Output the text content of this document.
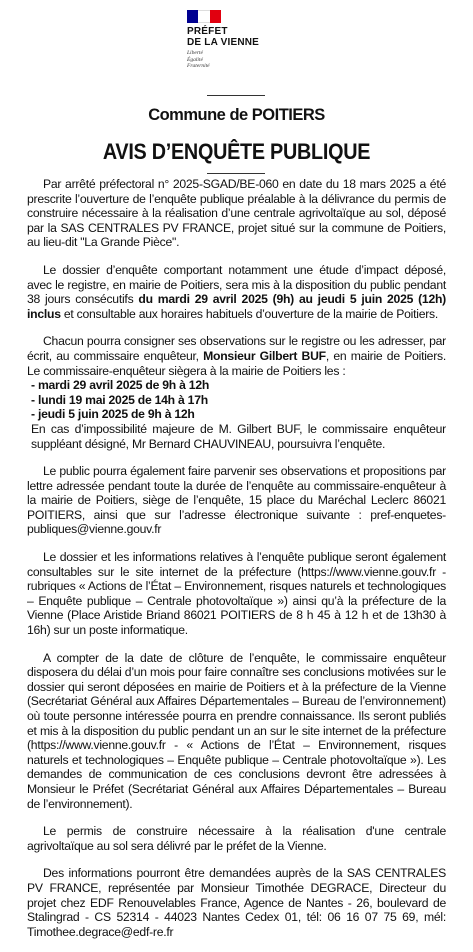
PRÉFET
DE LA VIENNE
Liberté
Égalité
Fraternité
Commune de POITIERS
AVIS D’ENQUÊTE PUBLIQUE

Par arrêté préfectoral n° 2025-SGAD/BE-060 en date du 18 mars 2025 a été prescrite l’ouverture de l’enquête publique préalable à la délivrance du permis de construire nécessaire à la réalisation d’une centrale agrivoltaïque au sol, déposé par la SAS CENTRALES PV FRANCE, projet situé sur la commune de Poitiers, au lieu-dit "La Grande Pièce".

Le dossier d’enquête comportant notamment une étude d’impact déposé, avec le registre, en mairie de Poitiers, sera mis à la disposition du public pendant 38 jours consécutifs du mardi 29 avril 2025 (9h) au jeudi 5 juin 2025 (12h) inclus et consultable aux horaires habituels d’ouverture de la mairie de Poitiers.

Chacun pourra consigner ses observations sur le registre ou les adresser, par écrit, au commissaire enquêteur, Monsieur Gilbert BUF, en mairie de Poitiers. Le commissaire-enquêteur siègera à la mairie de Poitiers les :

- mardi 29 avril 2025 de 9h à 12h
- lundi 19 mai 2025 de 14h à 17h
- jeudi 5 juin 2025 de 9h à 12h

En cas d’impossibilité majeure de M. Gilbert BUF, le commissaire enquêteur suppléant désigné, Mr Bernard CHAUVINEAU, poursuivra l’enquête.

Le public pourra également faire parvenir ses observations et propositions par lettre adressée pendant toute la durée de l’enquête au commissaire-enquêteur à la mairie de Poitiers, siège de l’enquête, 15 place du Maréchal Leclerc 86021 POITIERS, ainsi que sur l’adresse électronique suivante : pref-enquetes-publiques@vienne.gouv.fr

Le dossier et les informations relatives à l’enquête publique seront également consultables sur le site internet de la préfecture (https://www.vienne.gouv.fr - rubriques « Actions de l’État – Environnement, risques naturels et technologiques – Enquête publique – Centrale photovoltaïque ») ainsi qu’à la préfecture de la Vienne (Place Aristide Briand 86021 POITIERS de 8 h 45 à 12 h et de 13h30 à 16h) sur un poste informatique.

A compter de la date de clôture de l’enquête, le commissaire enquêteur disposera du délai d’un mois pour faire connaître ses conclusions motivées sur le dossier qui seront déposées en mairie de Poitiers et à la préfecture de la Vienne (Secrétariat Général aux Affaires Départementales – Bureau de l’environnement) où toute personne intéressée pourra en prendre connaissance. Ils seront publiés et mis à la disposition du public pendant un an sur le site internet de la préfecture (https://www.vienne.gouv.fr - « Actions de l’État – Environnement, risques naturels et technologiques – Enquête publique – Centrale photovoltaïque »). Les demandes de communication de ces conclusions devront être adressées à Monsieur le Préfet (Secrétariat Général aux Affaires Départementales – Bureau de l’environnement).

Le permis de construire nécessaire à la réalisation d'une centrale agrivoltaïque au sol sera délivré par le préfet de la Vienne.

Des informations pourront être demandées auprès de la SAS CENTRALES PV FRANCE, représentée par Monsieur Timothée DEGRACE, Directeur du projet chez EDF Renouvelables France, Agence de Nantes - 26, boulevard de Stalingrad - CS 52314 - 44023 Nantes Cedex 01, tél: 06 16 07 75 69, mél: Timothee.degrace@edf-re.fr
